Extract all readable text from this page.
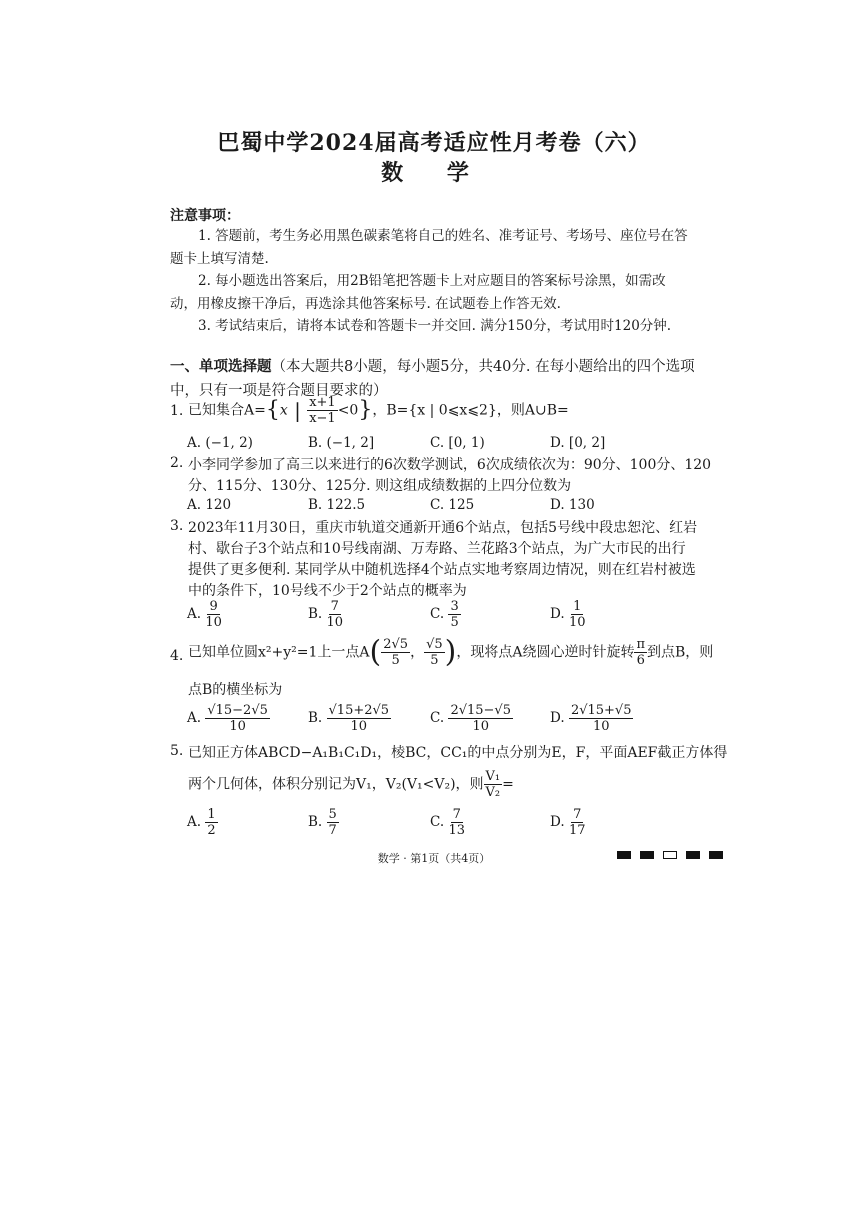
巴蜀中学2024届高考适应性月考卷（六）
数 学
注意事项：
1. 答题前，考生务必用黑色碳素笔将自己的姓名、准考证号、考场号、座位号在答题卡上填写清楚.
2. 每小题选出答案后，用2B铅笔把答题卡上对应题目的答案标号涂黑，如需改动，用橡皮擦干净后，再选涂其他答案标号. 在试题卷上作答无效.
3. 考试结束后，请将本试卷和答题卡一并交回. 满分150分，考试用时120分钟.
一、单项选择题（本大题共8小题，每小题5分，共40分. 在每小题给出的四个选项中，只有一项是符合题目要求的）
1. 已知集合A={x | $\frac{x+1}{x-1} <0$}，B={x | 0⩽x⩽2}，则A∪B=
A. (−1, 2)	B. (−1, 2]	C. [0, 1)	D. [0, 2]
2. 小李同学参加了高三以来进行的6次数学测试，6次成绩依次为：90分、100分、120
分、115分、130分、125分. 则这组成绩数据的上四分位数为
A. 120	B. 122.5	C. 125	D. 130
3. 2023年11月30日，重庆市轨道交通新开通6个站点，包括5号线中段忠恕沱、红岩
村、歇台子3个站点和10号线南湖、万寿路、兰花路3个站点，为广大市民的出行
提供了更多便利. 某同学从中随机选择4个站点实地考察周边情况，则在红岩村被选
中的条件下，10号线不少于2个站点的概率为
A. $\frac{9}{10}$	B. $\frac{7}{10}$	C. $\frac{3}{5}$	D. $\frac{1}{10}$
4. 已知单位圆x²+y²=1上一点$A( \frac{2√5}{5}$ ， $\frac{√5}{5}$ )，现将点A绕圆心逆时针旋转 $\frac{\pi}{6}$ 到点B，则
点B的横坐标为
A. $\frac{√15-2√5}{10}$	B. $\frac{√15+2√5}{10}$	C. $\frac{2√15-√5}{10}$	D. $\frac{2√15+√5}{10}$
5. 已知正方体ABCD−A₁B₁C₁D₁，棱BC，CC₁的中点分别为E，F，平面AEF截正方体得
两个几何体，体积分别记为V₁，V₂(V₁<V₂)，则 $\frac{\text{V₁}}{\text{V₂}}$ =
A. $\frac{1}{2}$	B. $\frac{5}{7}$	C. $\frac{7}{13}$	D. $\frac{7}{17}$
数学 · 第1页（共4页）
